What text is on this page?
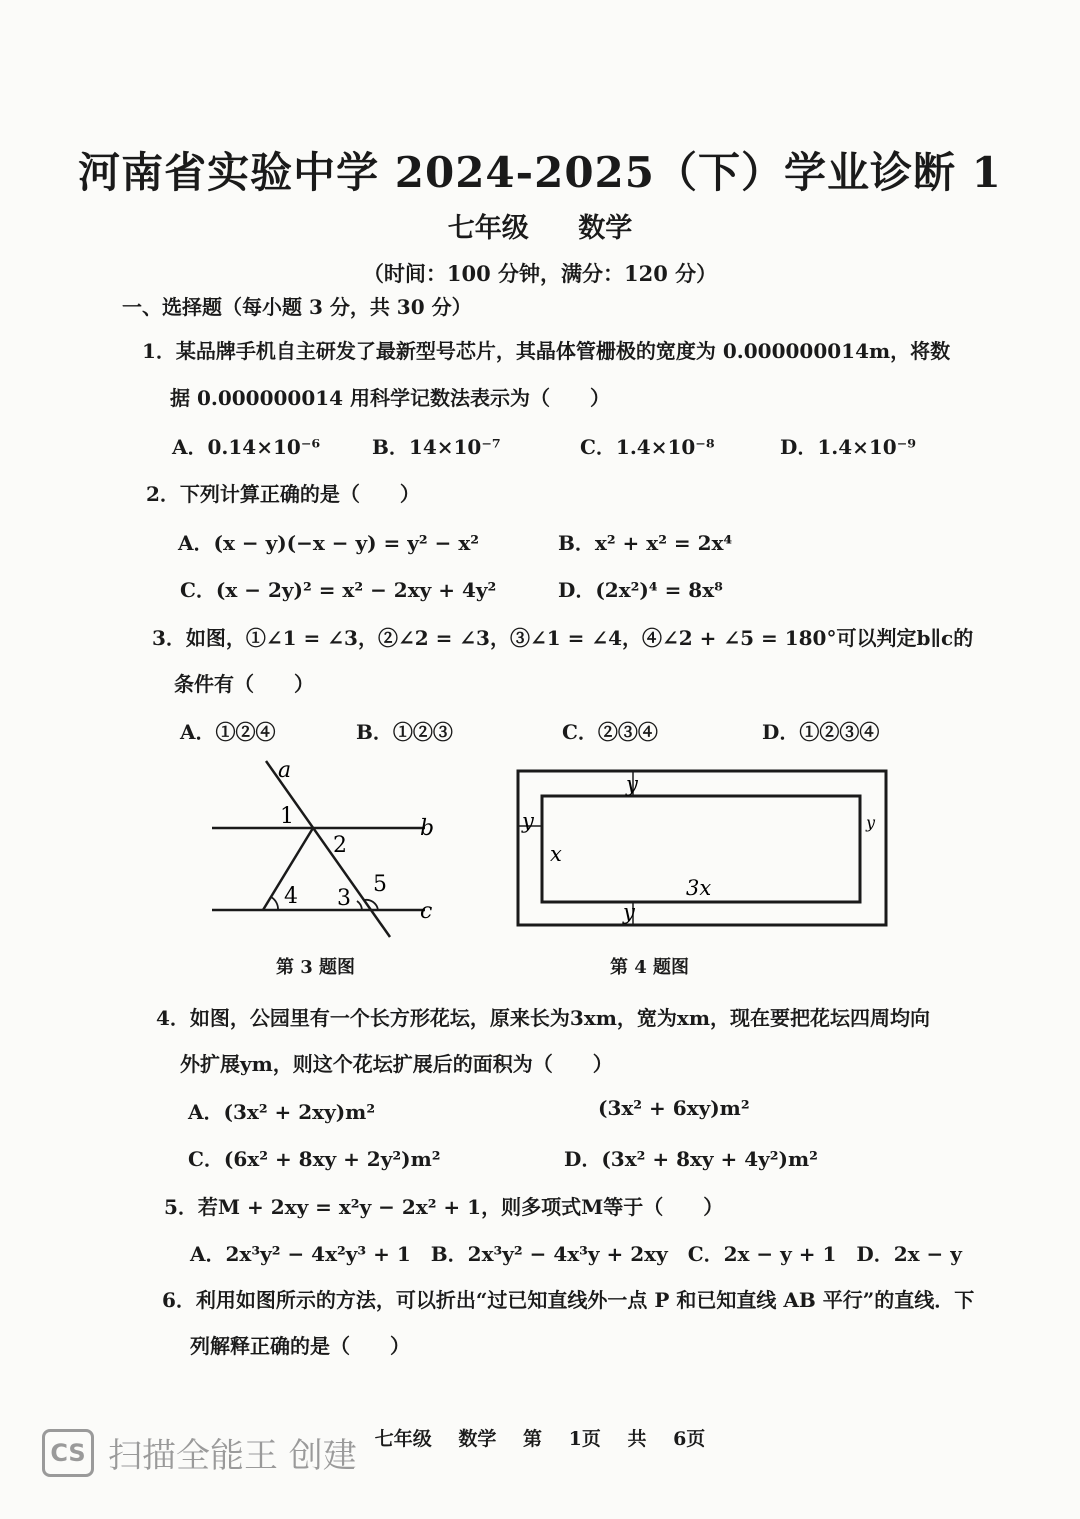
河南省实验中学 2024-2025（下）学业诊断 1
七年级 数学
（时间：100 分钟，满分：120 分）
一、选择题（每小题 3 分，共 30 分）
1．某品牌手机自主研发了最新型号芯片，其晶体管栅极的宽度为 0.000000014m，将数
据 0.000000014 用科学记数法表示为（　　）
A．0.14×10⁻⁶	B．14×10⁻⁷	C．1.4×10⁻⁸	D．1.4×10⁻⁹
2．下列计算正确的是（　　）
A．(x − y)(−x − y) = y² − x²	B．x² + x² = 2x⁴
C．(x − 2y)² = x² − 2xy + 4y²	D．(2x²)⁴ = 8x⁸
3．如图，①∠1 = ∠3，②∠2 = ∠3，③∠1 = ∠4，④∠2 + ∠5 = 180°可以判定b∥c的
条件有（　　）
A．①②④	B．①②③	C．②③④	D．①②③④
a
b
c
1
2
3
4	5
第 3 题图
y
y	y
x
3x
y
第 4 题图
4．如图，公园里有一个长方形花坛，原来长为3xm，宽为xm，现在要把花坛四周均向
外扩展ym，则这个花坛扩展后的面积为（　　）
A．(3x² + 2xy)m²	(3x² + 6xy)m²
C．(6x² + 8xy + 2y²)m²	D．(3x² + 8xy + 4y²)m²
5．若M + 2xy = x²y − 2x² + 1，则多项式M等于（　　）
A．2x³y² − 4x²y³ + 1　B．2x³y² − 4x³y + 2xy　C．2x − y + 1　D．2x − y
6．利用如图所示的方法，可以折出“过已知直线外一点 P 和已知直线 AB 平行”的直线．下
列解释正确的是（　　）
七年级 数学 第 1页 共 6页
CS 扫描全能王 创建
